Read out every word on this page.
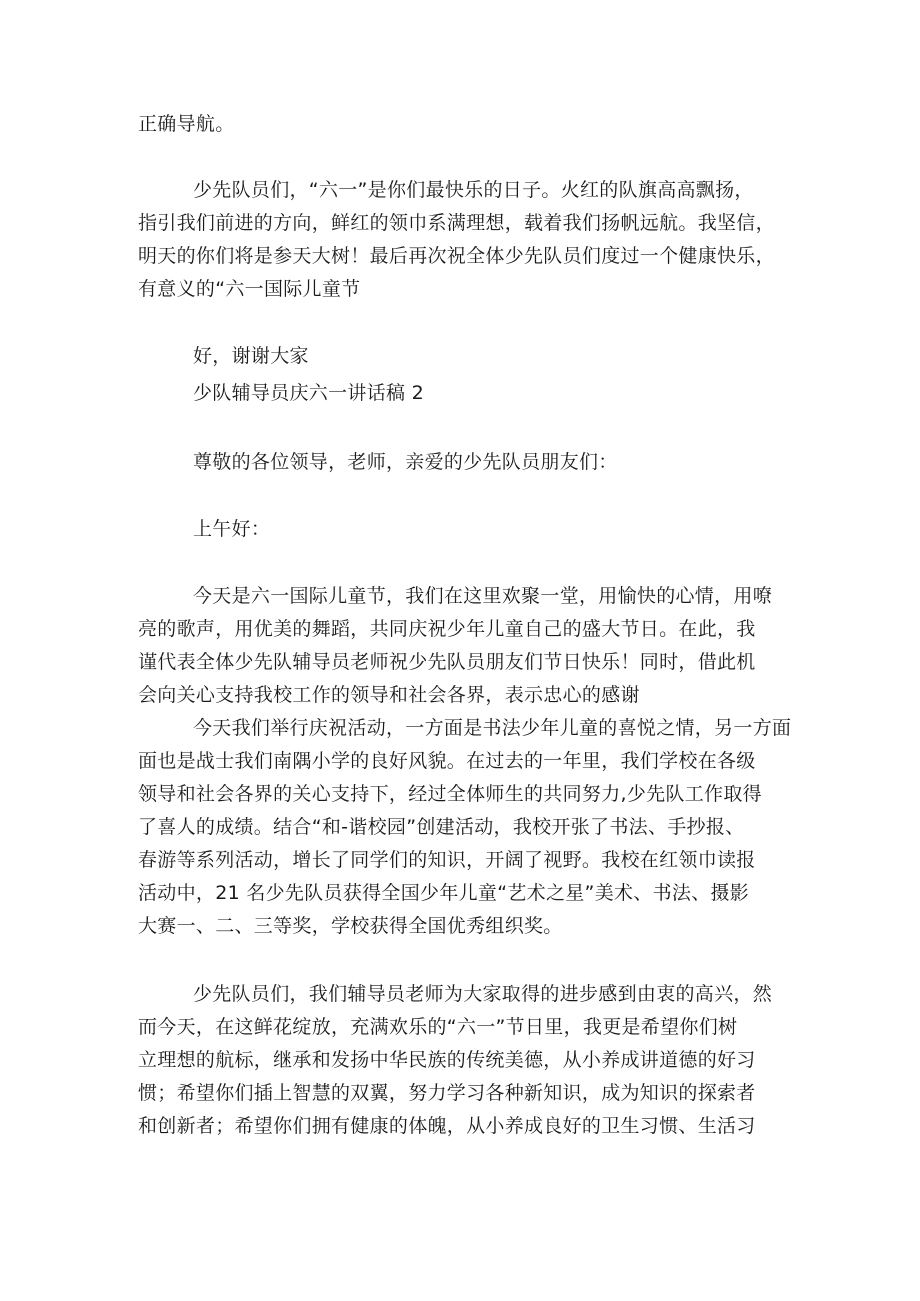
正确导航。
少先队员们，“六一”是你们最快乐的日子。火红的队旗高高飘扬，
指引我们前进的方向，鲜红的领巾系满理想，载着我们扬帆远航。我坚信，
明天的你们将是参天大树！最后再次祝全体少先队员们度过一个健康快乐，
有意义的“六一国际儿童节
好，谢谢大家
少队辅导员庆六一讲话稿 2
尊敬的各位领导，老师，亲爱的少先队员朋友们：
上午好：
今天是六一国际儿童节，我们在这里欢聚一堂，用愉快的心情，用嘹
亮的歌声，用优美的舞蹈，共同庆祝少年儿童自己的盛大节日。在此，我
谨代表全体少先队辅导员老师祝少先队员朋友们节日快乐！同时，借此机
会向关心支持我校工作的领导和社会各界，表示忠心的感谢
今天我们举行庆祝活动，一方面是书法少年儿童的喜悦之情，另一方面
面也是战士我们南隅小学的良好风貌。在过去的一年里，我们学校在各级
领导和社会各界的关心支持下，经过全体师生的共同努力,少先队工作取得
了喜人的成绩。结合“和-谐校园”创建活动，我校开张了书法、手抄报、
春游等系列活动，增长了同学们的知识，开阔了视野。我校在红领巾读报
活动中，21 名少先队员获得全国少年儿童“艺术之星”美术、书法、摄影
大赛一、二、三等奖，学校获得全国优秀组织奖。
少先队员们，我们辅导员老师为大家取得的进步感到由衷的高兴，然
而今天，在这鲜花绽放，充满欢乐的“六一”节日里，我更是希望你们树
立理想的航标，继承和发扬中华民族的传统美德，从小养成讲道德的好习
惯；希望你们插上智慧的双翼，努力学习各种新知识，成为知识的探索者
和创新者；希望你们拥有健康的体魄，从小养成良好的卫生习惯、生活习
